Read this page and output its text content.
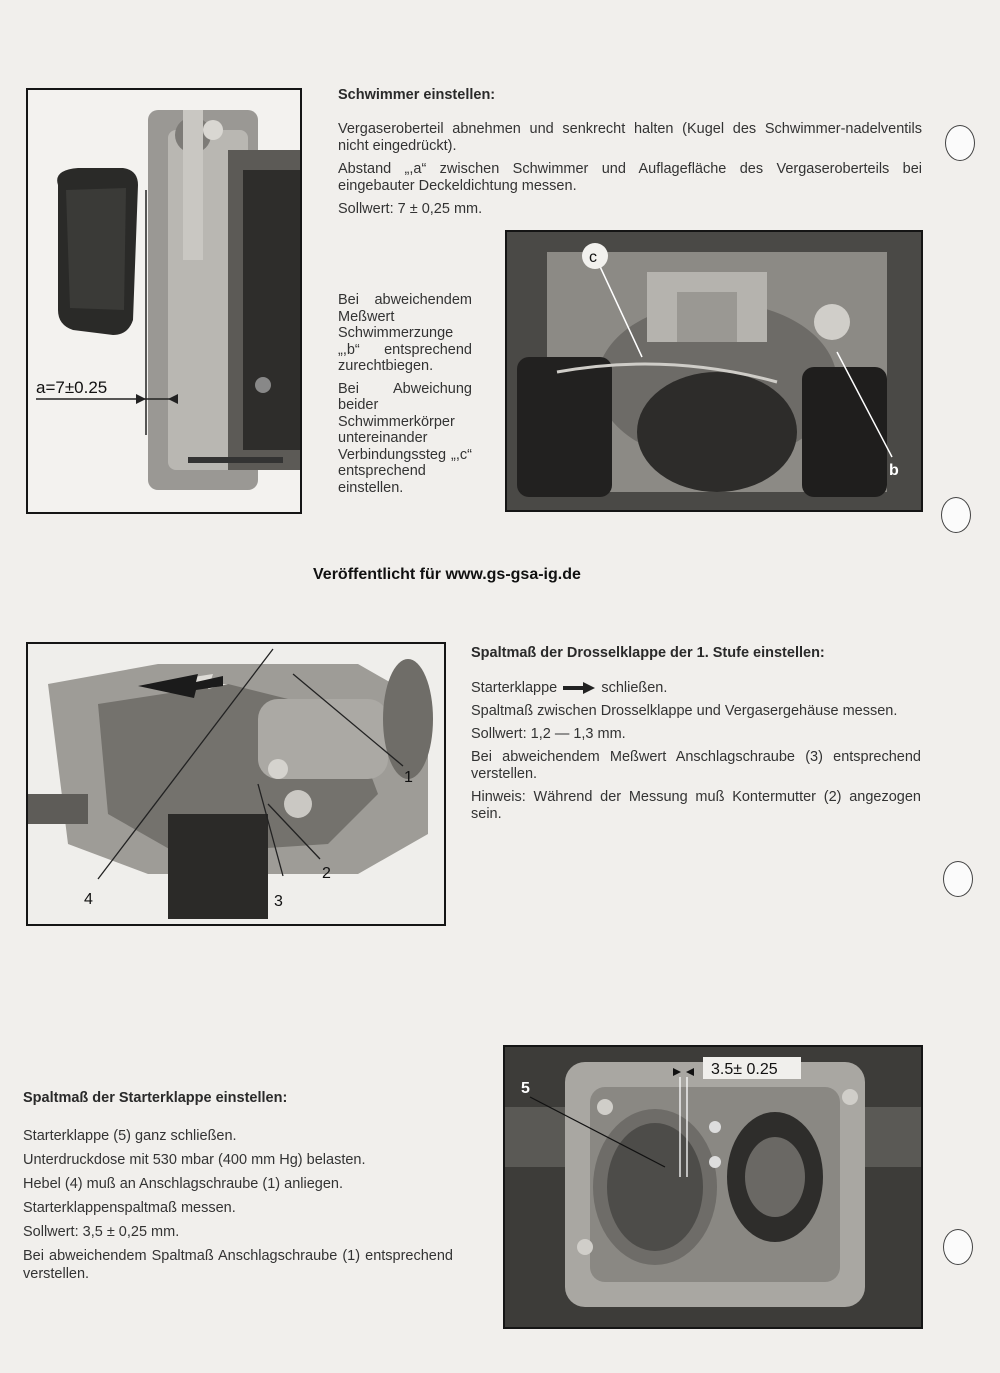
a=7±0.25
Schwimmer einstellen:

Vergaseroberteil abnehmen und senkrecht halten (Kugel des Schwimmer-nadelventils nicht eingedrückt).

Abstand „,a“ zwischen Schwimmer und Auflagefläche des Vergaseroberteils bei eingebauter Deckeldichtung messen.

Sollwert: 7 ± 0,25 mm.

Bei abweichendem Meßwert Schwimmerzunge „,b“ entsprechend zurechtbiegen.

Bei Abweichung beider Schwimmerkörper untereinander Verbindungssteg „,c“ entsprechend einstellen.

c
b
Veröffentlicht für www.gs-gsa-ig.de
1
2
3
4
Spaltmaß der Drosselklappe der 1. Stufe einstellen:

Starterklappe	schließen.

Spaltmaß zwischen Drosselklappe und Vergasergehäuse messen.

Sollwert: 1,2 — 1,3 mm.

Bei abweichendem Meßwert Anschlagschraube (3) entsprechend verstellen.

Hinweis: Während der Messung muß Kontermutter (2) angezogen sein.

Spaltmaß der Starterklappe einstellen:

Starterklappe (5) ganz schließen.

Unterdruckdose mit 530 mbar (400 mm Hg) belasten.

Hebel (4) muß an Anschlagschraube (1) anliegen.

Starterklappenspaltmaß messen.

Sollwert: 3,5 ± 0,25 mm.

Bei abweichendem Spaltmaß Anschlagschraube (1) entsprechend verstellen.

3.5± 0.25
5
